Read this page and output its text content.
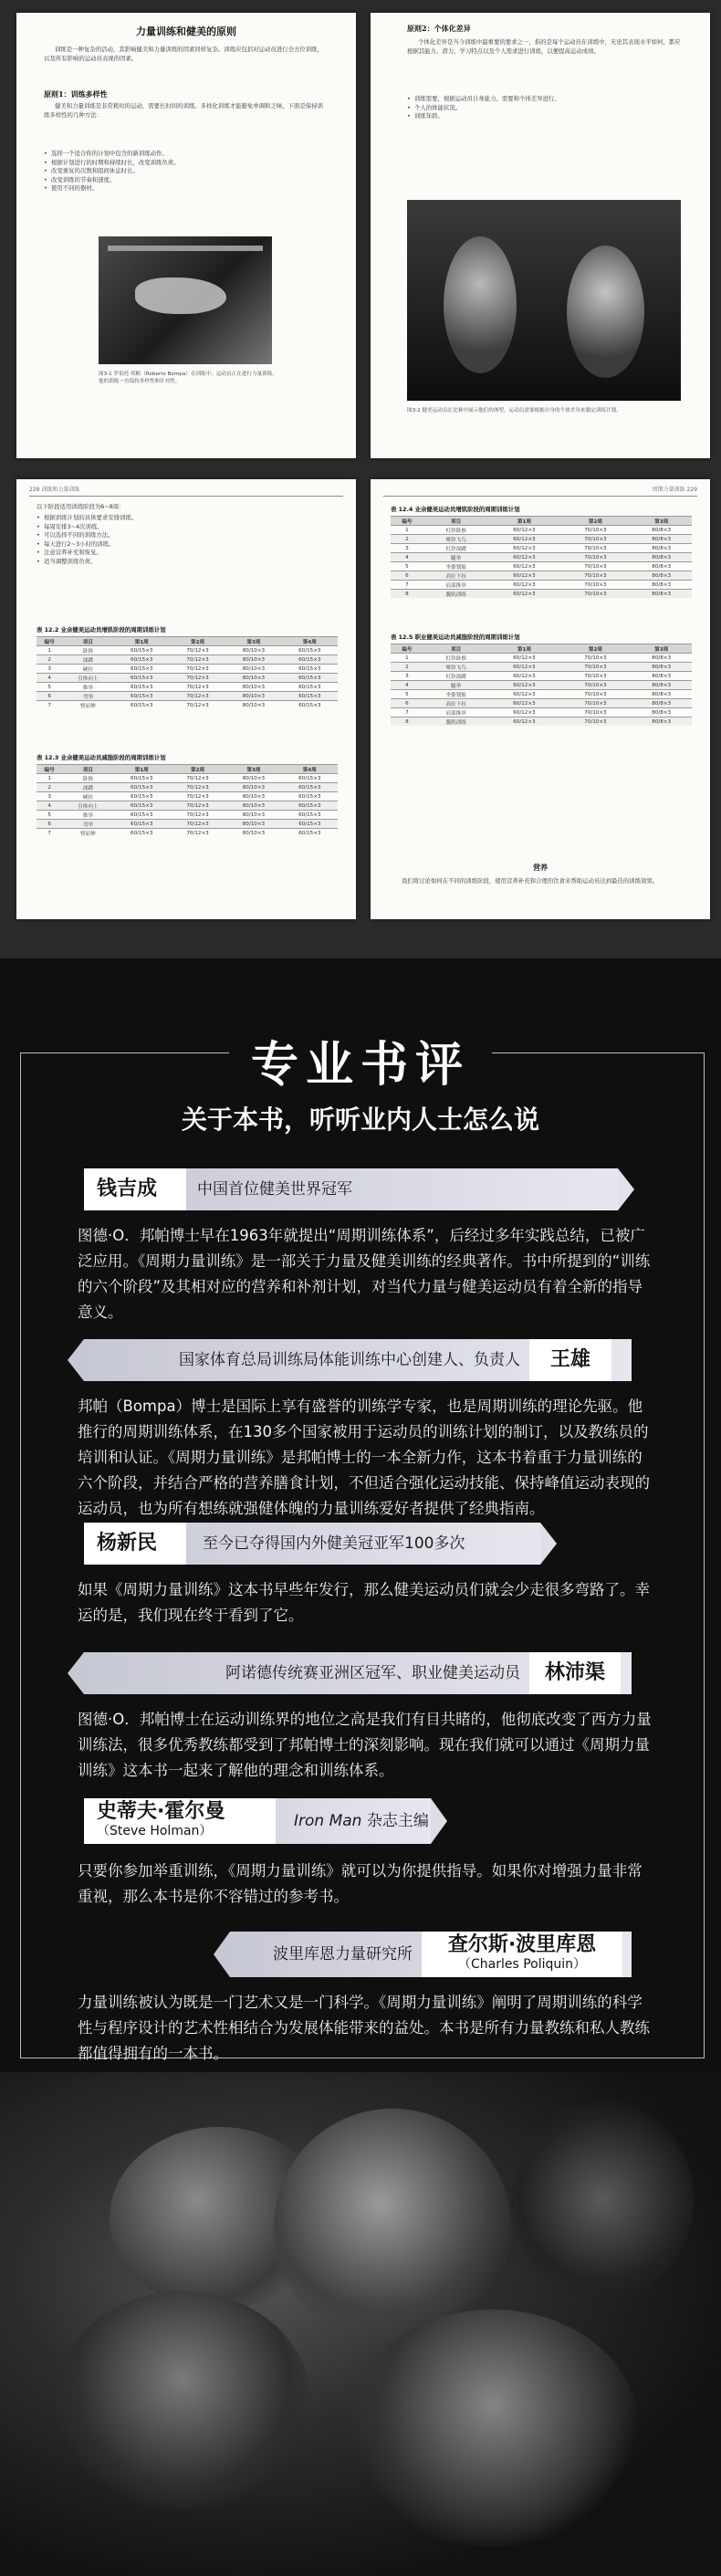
力量训练和健美的原则
训练是一种复杂的活动，其影响健美和力量训练的因素同样复杂。训练应包括对运动员进行全方位训练，以及所有影响的运动员表现的因素。
原则1：训练多样性
健美和力量训练是非常耗时的运动，需要长时间的训练。多样化训练才能避免单调和乏味，下面是保持训练多样性的几种方法：
• 选择一个适合你的计划中包含的新训练动作。
• 根据计划进行的时期和持续时长，改变训练负荷。
• 改变重复的次数和组间休息时长。
• 改变训练的节奏和速度。
• 使用不同的器材。
图3-1 罗伯托·邦帕（Roberto Bompa）在训练中，运动员正在进行力量训练，他的训练一直保持多样性和针对性。
原则2：个体化差异
个体化差异是当今训练中最重要的要求之一，指的是每个运动员在训练中，无论其表现水平如何，都应根据其能力、潜力、学习特点以及个人需求进行训练，以便提高运动成绩。
• 训练需要，根据运动员自身能力、需要和个体差异进行。
• 个人的体能状况。
• 训练年龄。
图3-2 健美运动员在比赛中展示他们的体型，运动员需要根据自身的个体差异来制定训练计划。
228 训练和力量训练
以下阶段适用训练阶段为6~8周：
• 根据训练计划的具体要求安排训练。
• 每周安排3~4次训练。
• 可以选择不同的训练方法。
• 每天进行2~3小时的训练。
• 注意营养补充和恢复。
• 适当调整训练负荷。
表 12.2 业余健美运动员增肌阶段的周期训练计划
编号	项目	第1周	第2周	第3周	第4周
1	卧推	60/15×3	70/12×3	80/10×3	60/15×3
2	深蹲	60/15×3	70/12×3	80/10×3	60/15×3
3	硬拉	60/15×3	70/12×3	80/10×3	60/15×3
4	引体向上	60/15×3	70/12×3	80/10×3	60/15×3
5	推举	60/15×3	70/12×3	80/10×3	60/15×3
6	弯举	60/15×3	70/12×3	80/10×3	60/15×3
7	臂屈伸	60/15×3	70/12×3	80/10×3	60/15×3
表 12.3 业余健美运动员减脂阶段的周期训练计划
编号	项目	第1周	第2周	第3周	第4周
1	卧推	60/15×3	70/12×3	80/10×3	60/15×3
2	深蹲	60/15×3	70/12×3	80/10×3	60/15×3
3	硬拉	60/15×3	70/12×3	80/10×3	60/15×3
4	引体向上	60/15×3	70/12×3	80/10×3	60/15×3
5	推举	60/15×3	70/12×3	80/10×3	60/15×3
6	弯举	60/15×3	70/12×3	80/10×3	60/15×3
7	臂屈伸	60/15×3	70/12×3	80/10×3	60/15×3
周期力量训练 229
表 12.4 业余健美运动员增肌阶段的周期训练计划
编号	项目	第1周	第2周	第3周
1	杠铃卧推	60/12×3	70/10×3	80/8×3
2	哑铃飞鸟	60/12×3	70/10×3	80/8×3
3	杠铃深蹲	60/12×3	70/10×3	80/8×3
4	腿举	60/12×3	70/10×3	80/8×3
5	坐姿划船	60/12×3	70/10×3	80/8×3
6	高位下拉	60/12×3	70/10×3	80/8×3
7	肩部推举	60/12×3	70/10×3	80/8×3
8	腹肌训练	60/12×3	70/10×3	80/8×3
表 12.5 职业健美运动员减脂阶段的周期训练计划
编号	项目	第1周	第2周	第3周
1	杠铃卧推	60/12×3	70/10×3	80/8×3
2	哑铃飞鸟	60/12×3	70/10×3	80/8×3
3	杠铃深蹲	60/12×3	70/10×3	80/8×3
4	腿举	60/12×3	70/10×3	80/8×3
5	坐姿划船	60/12×3	70/10×3	80/8×3
6	高位下拉	60/12×3	70/10×3	80/8×3
7	肩部推举	60/12×3	70/10×3	80/8×3
8	腹肌训练	60/12×3	70/10×3	80/8×3
营养
我们将讨论如何在不同的训练阶段，使用营养补充和合理的饮食来帮助运动员达到最佳的训练效果。
专业书评
关于本书，听听业内人士怎么说
钱吉成	中国首位健美世界冠军
图德·O．邦帕博士早在1963年就提出“周期训练体系”，后经过多年实践总结，已被广泛应用。《周期力量训练》是一部关于力量及健美训练的经典著作。书中所提到的“训练的六个阶段”及其相对应的营养和补剂计划，对当代力量与健美运动员有着全新的指导意义。
国家体育总局训练局体能训练中心创建人、负责人	王雄
邦帕（Bompa）博士是国际上享有盛誉的训练学专家，也是周期训练的理论先驱。他推行的周期训练体系，在130多个国家被用于运动员的训练计划的制订，以及教练员的培训和认证。《周期力量训练》是邦帕博士的一本全新力作，这本书着重于力量训练的六个阶段，并结合严格的营养膳食计划，不但适合强化运动技能、保持峰值运动表现的运动员，也为所有想练就强健体魄的力量训练爱好者提供了经典指南。
杨新民	至今已夺得国内外健美冠亚军100多次
如果《周期力量训练》这本书早些年发行，那么健美运动员们就会少走很多弯路了。幸运的是，我们现在终于看到了它。
阿诺德传统赛亚洲区冠军、职业健美运动员	林沛渠
图德·O．邦帕博士在运动训练界的地位之高是我们有目共睹的，他彻底改变了西方力量训练法，很多优秀教练都受到了邦帕博士的深刻影响。现在我们就可以通过《周期力量训练》这本书一起来了解他的理念和训练体系。
史蒂夫·霍尔曼
（Steve Holman）
Iron Man 杂志主编
只要你参加举重训练，《周期力量训练》就可以为你提供指导。如果你对增强力量非常重视，那么本书是你不容错过的参考书。
波里库恩力量研究所	查尔斯·波里库恩
（Charles Poliquin）
力量训练被认为既是一门艺术又是一门科学。《周期力量训练》阐明了周期训练的科学性与程序设计的艺术性相结合为发展体能带来的益处。本书是所有力量教练和私人教练都值得拥有的一本书。
